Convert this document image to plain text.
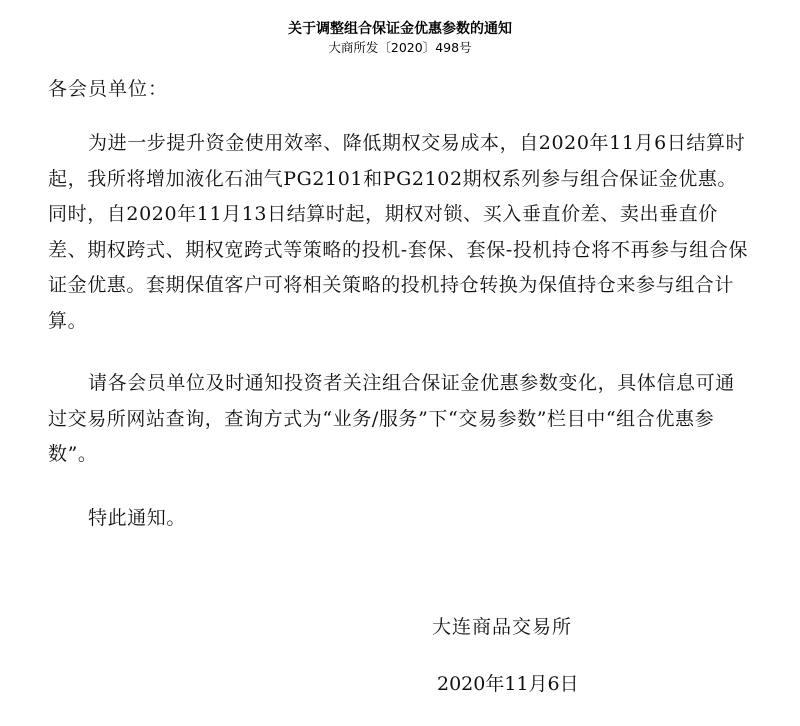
关于调整组合保证金优惠参数的通知
大商所发〔2020〕498号
各会员单位：

为进一步提升资金使用效率、降低期权交易成本，自2020年11月6日结算时起，我所将增加液化石油气PG2101和PG2102期权系列参与组合保证金优惠。同时，自2020年11月13日结算时起，期权对锁、买入垂直价差、卖出垂直价差、期权跨式、期权宽跨式等策略的投机-套保、套保-投机持仓将不再参与组合保证金优惠。套期保值客户可将相关策略的投机持仓转换为保值持仓来参与组合计算。

请各会员单位及时通知投资者关注组合保证金优惠参数变化，具体信息可通过交易所网站查询，查询方式为“业务/服务”下“交易参数”栏目中“组合优惠参数”。

特此通知。

大连商品交易所
2020年11月6日
